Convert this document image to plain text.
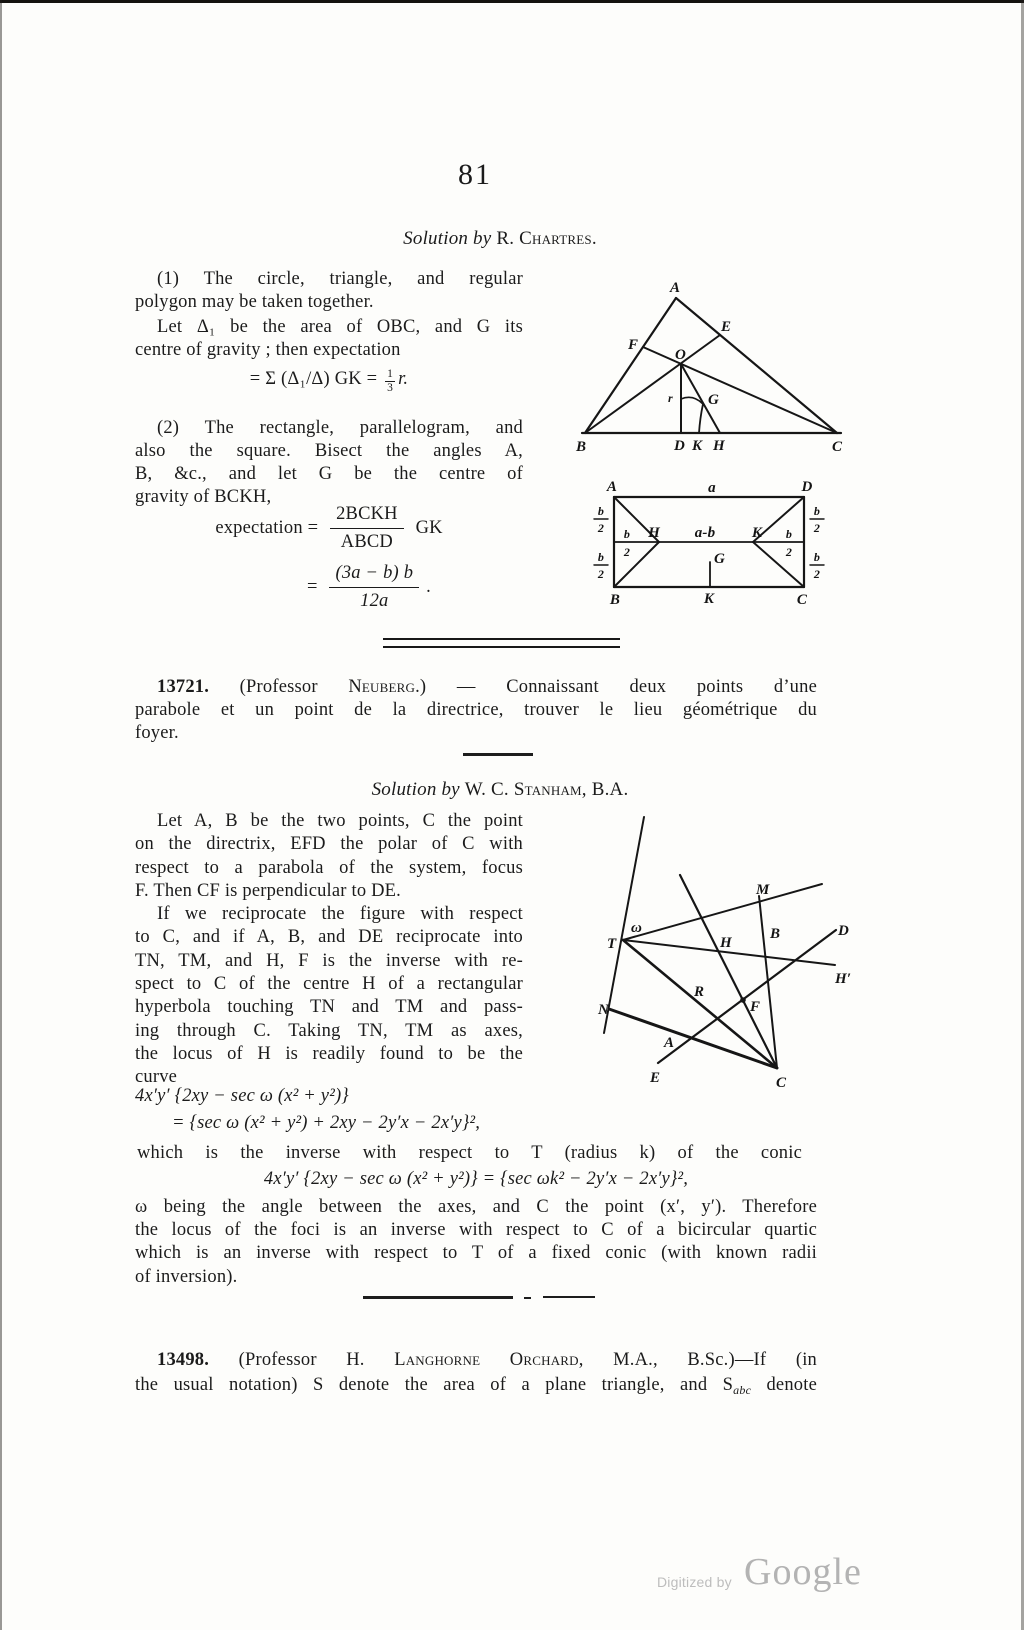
81
Solution by R. Chartres.
(1) The circle, triangle, and regular
polygon may be taken together.
Let Δ₁ be the area of OBC, and G its
centre of gravity ; then expectation
= Σ (Δ₁/Δ) GK = $\frac{1}{3} r$.
(2) The rectangle, parallelogram, and
also the square. Bisect the angles A,
B, &c., and let G be the centre of
gravity of BCKH,
expectation = $\frac{\text{2BCKH}}{\text{ABCD}}$ GK
= $\frac{(3a - b) b}{12a}$ .
A
B	C
D K H
E
F
O
G
r
A	D
B	C
H	K
G
K
a
a-b
b
2
b
2
b
2
b
2
b
2
b
2
13721. (Professor Neuberg.) — Connaissant deux points d’une
parabole et un point de la directrice, trouver le lieu géométrique du
foyer.
Solution by W. C. Stanham, B.A.
Let A, B be the two points, C the point
on the directrix, EFD the polar of C with
respect to a parabola of the system, focus
F. Then CF is perpendicular to DE.
If we reciprocate the figure with respect
to C, and if A, B, and DE reciprocate into
TN, TM, and H, F is the inverse with re-
spect to C of the centre H of a rectangular
hyperbola touching TN and TM and pass-
ing through C. Taking TN, TM as axes,
the locus of H is readily found to be the
curve
ω
T
M
B	D
H
H′
N
R
F
A
E	C
4x′y′ {2xy − sec ω (x² + y²)}
= {sec ω (x² + y²) + 2xy − 2y′x − 2x′y}²,
which is the inverse with respect to T (radius k) of the conic
4x′y′ {2xy − sec ω (x² + y²)} = {sec ωk² − 2y′x − 2x′y}²,
ω being the angle between the axes, and C the point (x′, y′). Therefore
the locus of the foci is an inverse with respect to C of a bicircular quartic
which is an inverse with respect to T of a fixed conic (with known radii
of inversion).
13498. (Professor H. Langhorne Orchard, M.A., B.Sc.)—If (in
the usual notation) S denote the area of a plane triangle, and $S_{abc}$ denote
Digitized by Google
